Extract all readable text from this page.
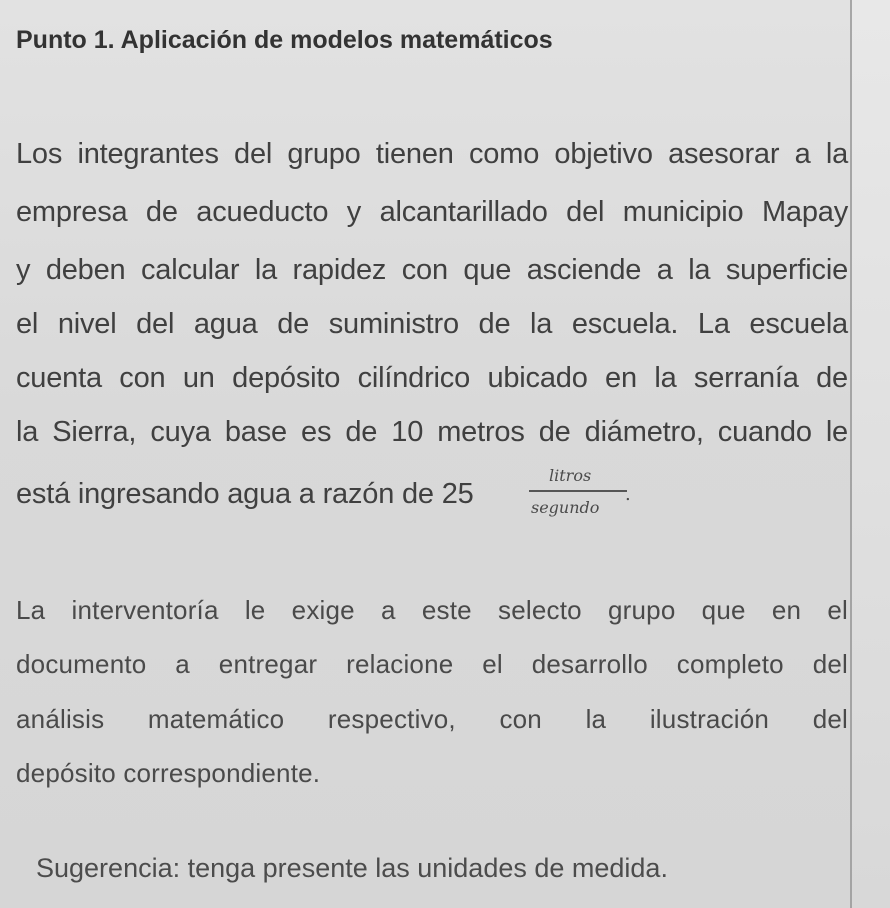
Punto 1. Aplicación de modelos matemáticos
Los integrantes del grupo tienen como objetivo asesorar a la
empresa de acueducto y alcantarillado del municipio Mapay
y deben calcular la rapidez con que asciende a la superficie
el nivel del agua de suministro de la escuela. La escuela
cuenta con un depósito cilíndrico ubicado en la serranía de
la Sierra, cuya base es de 10 metros de diámetro, cuando le
está ingresando agua a razón de 25
litros
segundo
.
La interventoría le exige a este selecto grupo que en el
documento a entregar relacione el desarrollo completo del
análisis matemático respectivo, con la ilustración del
depósito correspondiente.
Sugerencia: tenga presente las unidades de medida.
